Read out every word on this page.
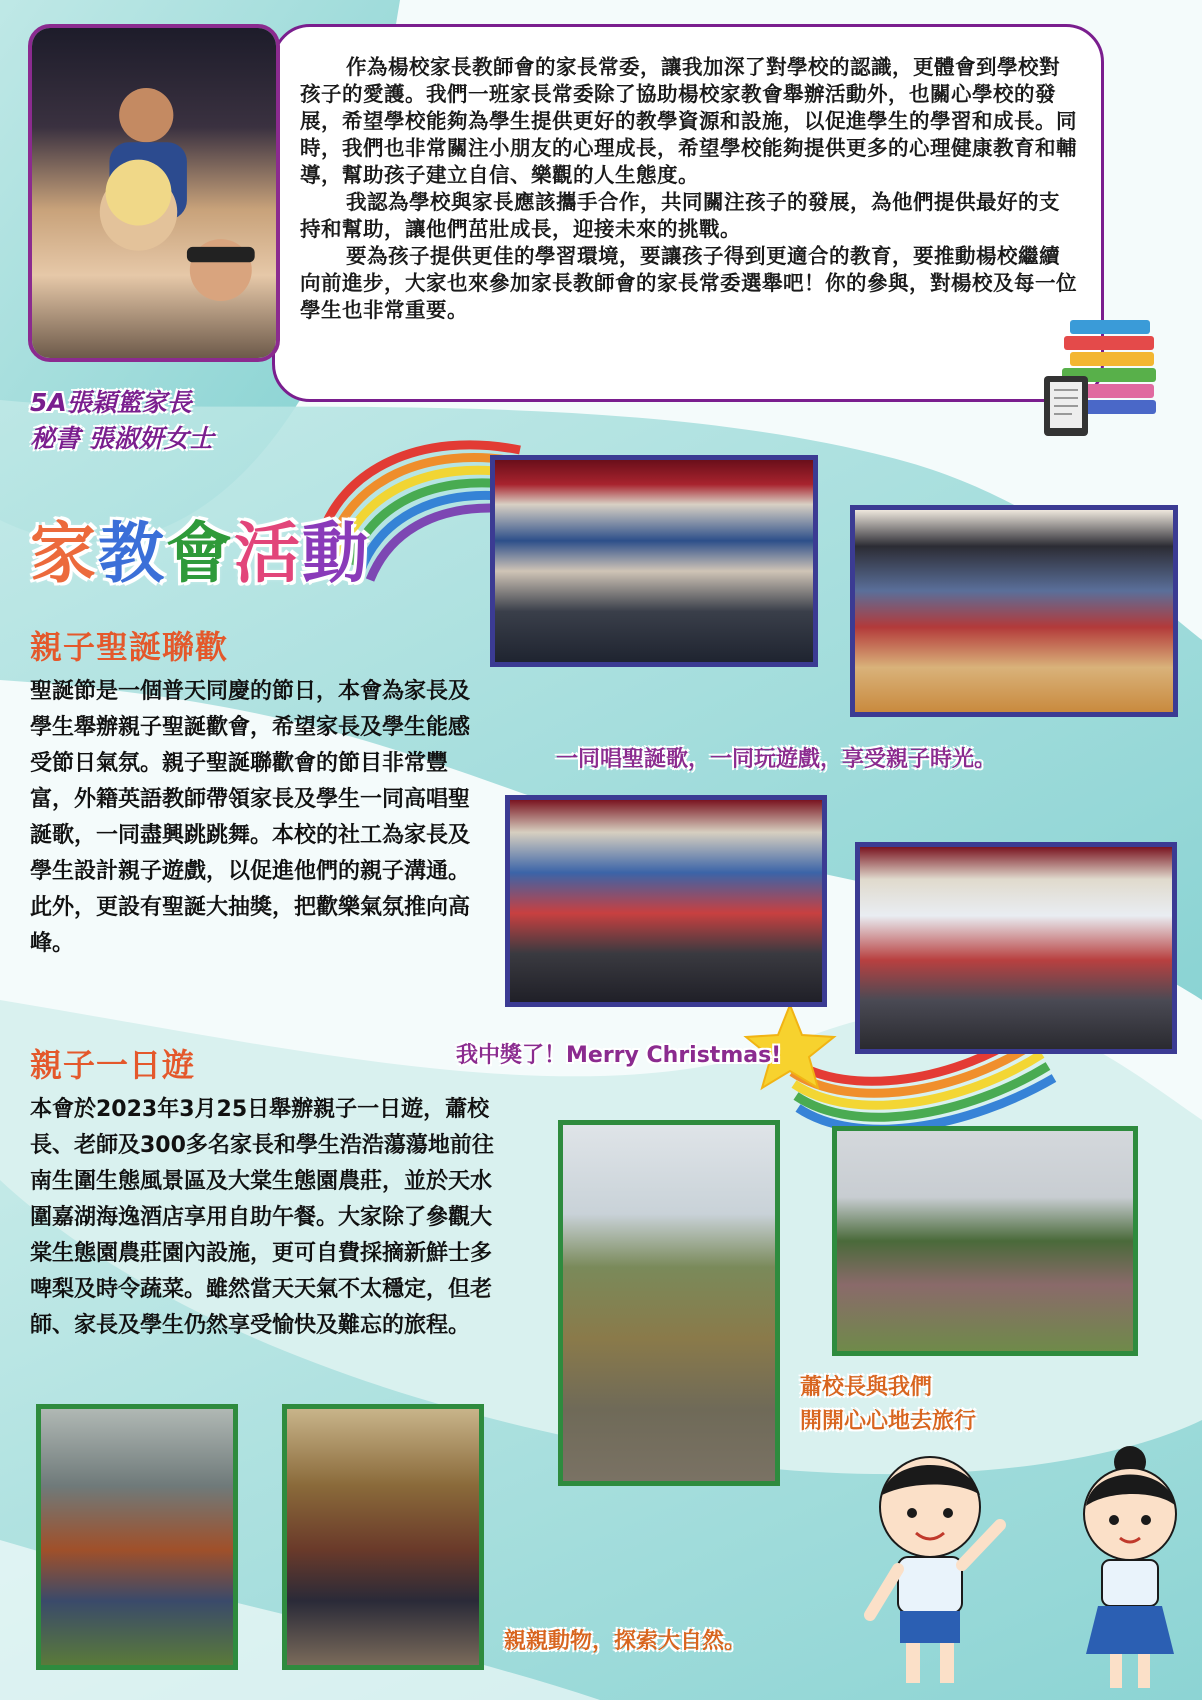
作為楊校家長教師會的家長常委，讓我加深了對學校的認識，更體會到學校對孩子的愛護。我們一班家長常委除了協助楊校家教會舉辦活動外，也關心學校的發展，希望學校能夠為學生提供更好的教學資源和設施，以促進學生的學習和成長。同時，我們也非常關注小朋友的心理成長，希望學校能夠提供更多的心理健康教育和輔導，幫助孩子建立自信、樂觀的人生態度。

我認為學校與家長應該攜手合作，共同關注孩子的發展，為他們提供最好的支持和幫助，讓他們茁壯成長，迎接未來的挑戰。

要為孩子提供更佳的學習環境，要讓孩子得到更適合的教育，要推動楊校繼續向前進步，大家也來參加家長教師會的家長常委選舉吧！你的參與，對楊校及每一位學生也非常重要。

5A張穎籃家長
秘書 張淑妍女士
家教會活動
親子聖誕聯歡
聖誕節是一個普天同慶的節日，本會為家長及學生舉辦親子聖誕歡會，希望家長及學生能感受節日氣氛。親子聖誕聯歡會的節目非常豐富，外籍英語教師帶領家長及學生一同高唱聖誕歌，一同盡興跳跳舞。本校的社工為家長及學生設計親子遊戲，以促進他們的親子溝通。此外，更設有聖誕大抽獎，把歡樂氣氛推向高峰。
一同唱聖誕歌，一同玩遊戲，享受親子時光。
我中獎了！Merry Christmas!
親子一日遊
本會於2023年3月25日舉辦親子一日遊，蕭校長、老師及300多名家長和學生浩浩蕩蕩地前往南生圍生態風景區及大棠生態園農莊，並於天水圍嘉湖海逸酒店享用自助午餐。大家除了參觀大棠生態園農莊園內設施，更可自費採摘新鮮士多啤梨及時令蔬菜。雖然當天天氣不太穩定，但老師、家長及學生仍然享受愉快及難忘的旅程。
蕭校長與我們
開開心心地去旅行
親親動物，探索大自然。
